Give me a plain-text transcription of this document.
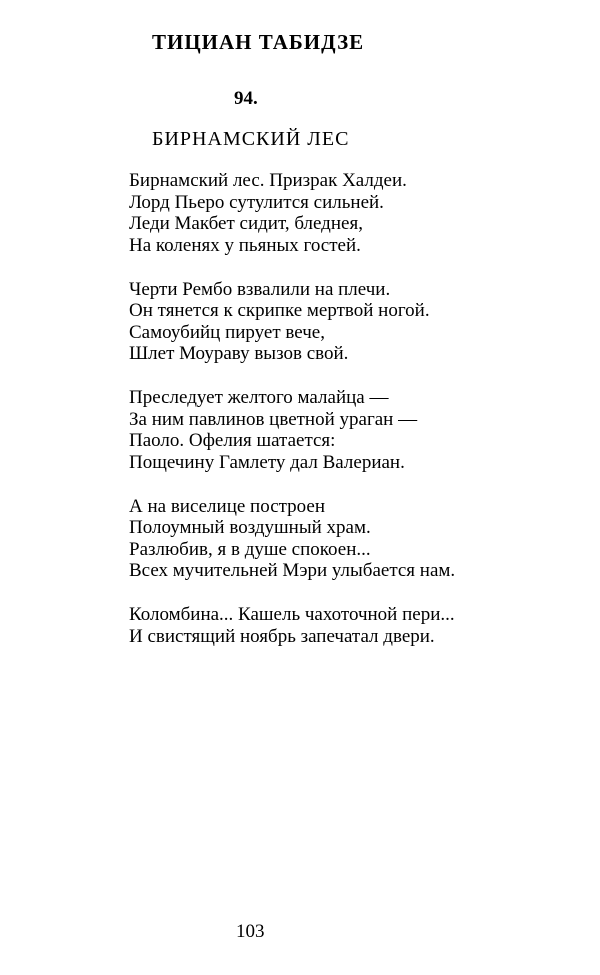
ТИЦИАН ТАБИДЗЕ
94.
БИРНАМСКИЙ ЛЕС
Бирнамский лес. Призрак Халдеи.
Лорд Пьеро сутулится сильней.
Леди Макбет сидит, бледнея,
На коленях у пьяных гостей.
Черти Рембо взвалили на плечи.
Он тянется к скрипке мертвой ногой.
Самоубийц пирует вече,
Шлет Моураву вызов свой.
Преследует желтого малайца —
За ним павлинов цветной ураган —
Паоло. Офелия шатается:
Пощечину Гамлету дал Валериан.
А на виселице построен
Полоумный воздушный храм.
Разлюбив, я в душе спокоен...
Всех мучительней Мэри улыбается нам.
Коломбина... Кашель чахоточной пери...
И свистящий ноябрь запечатал двери.
103
